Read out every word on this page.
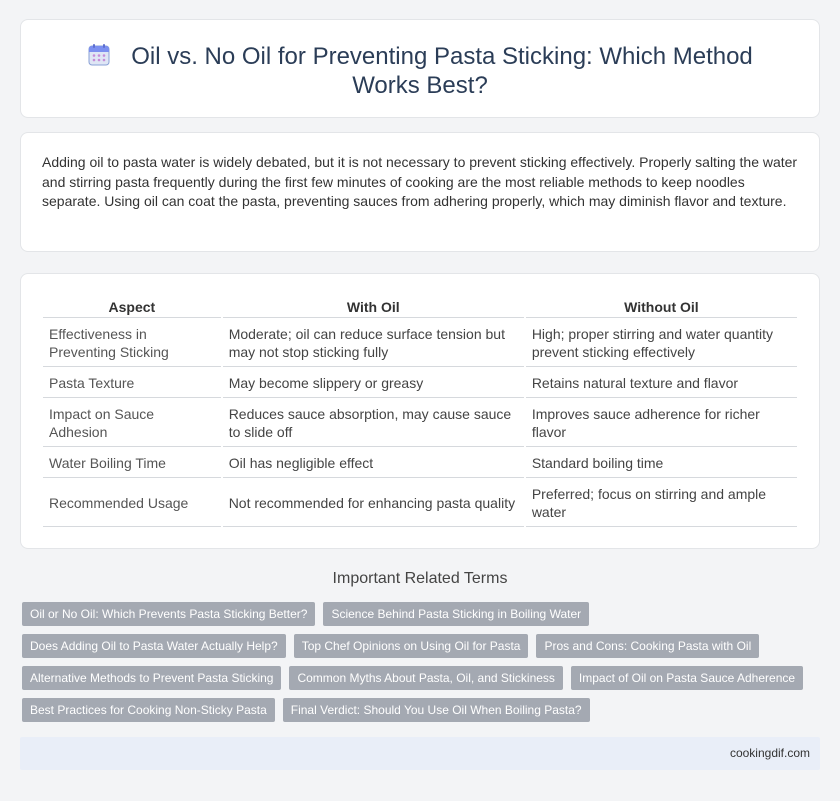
Oil vs. No Oil for Preventing Pasta Sticking: Which Method Works Best?

Adding oil to pasta water is widely debated, but it is not necessary to prevent sticking effectively. Properly salting the water and stirring pasta frequently during the first few minutes of cooking are the most reliable methods to keep noodles separate. Using oil can coat the pasta, preventing sauces from adhering properly, which may diminish flavor and texture.

Aspect	With Oil	Without Oil
Effectiveness in Preventing Sticking	Moderate; oil can reduce surface tension but may not stop sticking fully	High; proper stirring and water quantity prevent sticking effectively
Pasta Texture	May become slippery or greasy	Retains natural texture and flavor
Impact on Sauce Adhesion	Reduces sauce absorption, may cause sauce to slide off	Improves sauce adherence for richer flavor
Water Boiling Time	Oil has negligible effect	Standard boiling time
Recommended Usage	Not recommended for enhancing pasta quality	Preferred; focus on stirring and ample water
Important Related Terms
Oil or No Oil: Which Prevents Pasta Sticking Better?	Science Behind Pasta Sticking in Boiling Water
Does Adding Oil to Pasta Water Actually Help?	Top Chef Opinions on Using Oil for Pasta	Pros and Cons: Cooking Pasta with Oil
Alternative Methods to Prevent Pasta Sticking	Common Myths About Pasta, Oil, and Stickiness	Impact of Oil on Pasta Sauce Adherence
Best Practices for Cooking Non-Sticky Pasta	Final Verdict: Should You Use Oil When Boiling Pasta?
cookingdif.com
